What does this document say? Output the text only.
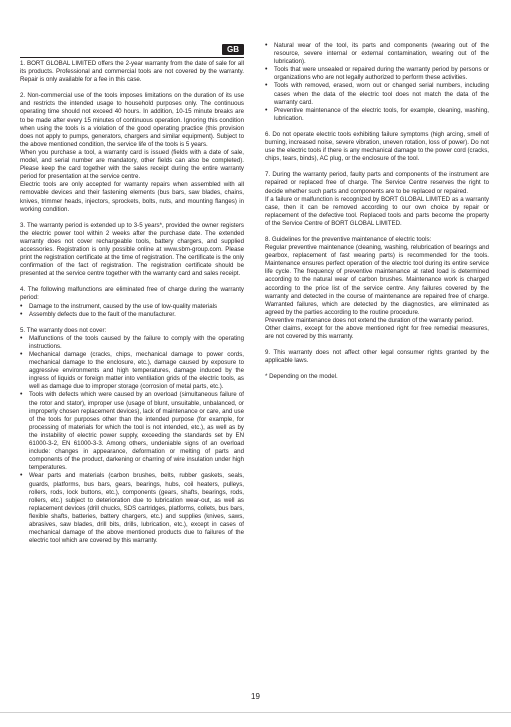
GB

1. BORT GLOBAL LIMITED offers the 2-year warranty from the date of sale for all its products. Professional and commercial tools are not covered by the warranty. Repair is only available for a fee in this case.

2. Non-commercial use of the tools imposes limitations on the duration of its use and restricts the intended usage to household purposes only. The continuous operating time should not exceed 40 hours. In addition, 10-15 minute breaks are to be made after every 15 minutes of continuous operation. Ignoring this condition when using the tools is a violation of the good operating practice (this provision does not apply to pumps, generators, chargers and similar equipment). Subject to the above mentioned condition, the service life of the tools is 5 years.

When you purchase a tool, a warranty card is issued (fields with a date of sale, model, and serial number are mandatory, other fields can also be completed). Please keep the card together with the sales receipt during the entire warranty period for presentation at the service centre.

Electric tools are only accepted for warranty repairs when assembled with all removable devices and their fastening elements (bus bars, saw blades, chains, knives, trimmer heads, injectors, sprockets, bolts, nuts, and mounting flanges) in working condition.

3. The warranty period is extended up to 3-5 years*, provided the owner registers the electric power tool within 2 weeks after the purchase date. The extended warranty does not cover rechargeable tools, battery chargers, and supplied accessories. Registration is only possible online at www.sbm-group.com. Please print the registration certificate at the time of registration. The certificate is the only confirmation of the fact of registration. The registration certificate should be presented at the service centre together with the warranty card and sales receipt.

4. The following malfunctions are eliminated free of charge during the warranty period:

• Damage to the instrument, caused by the use of low-quality materials
• Assembly defects due to the fault of the manufacturer.

5. The warranty does not cover:

• Malfunctions of the tools caused by the failure to comply with the operating instructions.
• Mechanical damage (cracks, chips, mechanical damage to power cords, mechanical damage to the enclosure, etc.), damage caused by exposure to aggressive environments and high temperatures, damage induced by the ingress of liquids or foreign matter into ventilation grids of the electric tools, as well as damage due to improper storage (corrosion of metal parts, etc.).
• Tools with defects which were caused by an overload (simultaneous failure of the rotor and stator), improper use (usage of blunt, unsuitable, unbalanced, or improperly chosen replacement devices), lack of maintenance or care, and use of the tools for purposes other than the intended purpose (for example, for processing of materials for which the tool is not intended, etc.), as well as by the instability of electric power supply, exceeding the standards set by EN 61000-3-2, EN 61000-3-3. Among others, undeniable signs of an overload include: changes in appearance, deformation or melting of parts and components of the product, darkening or charring of wire insulation under high temperatures.
• Wear parts and materials (carbon brushes, belts, rubber gaskets, seals, guards, platforms, bus bars, gears, bearings, hubs, coil heaters, pulleys, rollers, rods, lock buttons, etc.), components (gears, shafts, bearings, rods, rollers, etc.) subject to deterioration due to lubrication wear-out, as well as replacement devices (drill chucks, SDS cartridges, platforms, collets, bus bars, flexible shafts, batteries, battery chargers, etc.) and supplies (knives, saws, abrasives, saw blades, drill bits, drills, lubrication, etc.), except in cases of mechanical damage of the above mentioned products due to failures of the electric tool which are covered by this warranty.
• Natural wear of the tool, its parts and components (wearing out of the resource, severe internal or external contamination, wearing out of the lubrication).
• Tools that were unsealed or repaired during the warranty period by persons or organizations who are not legally authorized to perform these activities.
• Tools with removed, erased, worn out or changed serial numbers, including cases when the data of the electric tool does not match the data of the warranty card.
• Preventive maintenance of the electric tools, for example, cleaning, washing, lubrication.

6. Do not operate electric tools exhibiting failure symptoms (high arcing, smell of burning, increased noise, severe vibration, uneven rotation, loss of power). Do not use the electric tools if there is any mechanical damage to the power cord (cracks, chips, tears, binds), AC plug, or the enclosure of the tool.

7. During the warranty period, faulty parts and components of the instrument are repaired or replaced free of charge. The Service Centre reserves the right to decide whether such parts and components are to be replaced or repaired.

If a failure or malfunction is recognized by BORT GLOBAL LIMITED as a warranty case, then it can be removed according to our own choice by repair or replacement of the defective tool. Replaced tools and parts become the property of the Service Centre of BORT GLOBAL LIMITED.

8. Guidelines for the preventive maintenance of electric tools:

Regular preventive maintenance (cleaning, washing, relubrication of bearings and gearbox, replacement of fast wearing parts) is recommended for the tools. Maintenance ensures perfect operation of the electric tool during its entire service life cycle. The frequency of preventive maintenance at rated load is determined according to the natural wear of carbon brushes. Maintenance work is charged according to the price list of the service centre. Any failures covered by the warranty and detected in the course of maintenance are repaired free of charge. Warranted failures, which are detected by the diagnostics, are eliminated as agreed by the parties according to the routine procedure.

Preventive maintenance does not extend the duration of the warranty period.

Other claims, except for the above mentioned right for free remedial measures, are not covered by this warranty.

9. This warranty does not affect other legal consumer rights granted by the applicable laws.

* Depending on the model.

19
